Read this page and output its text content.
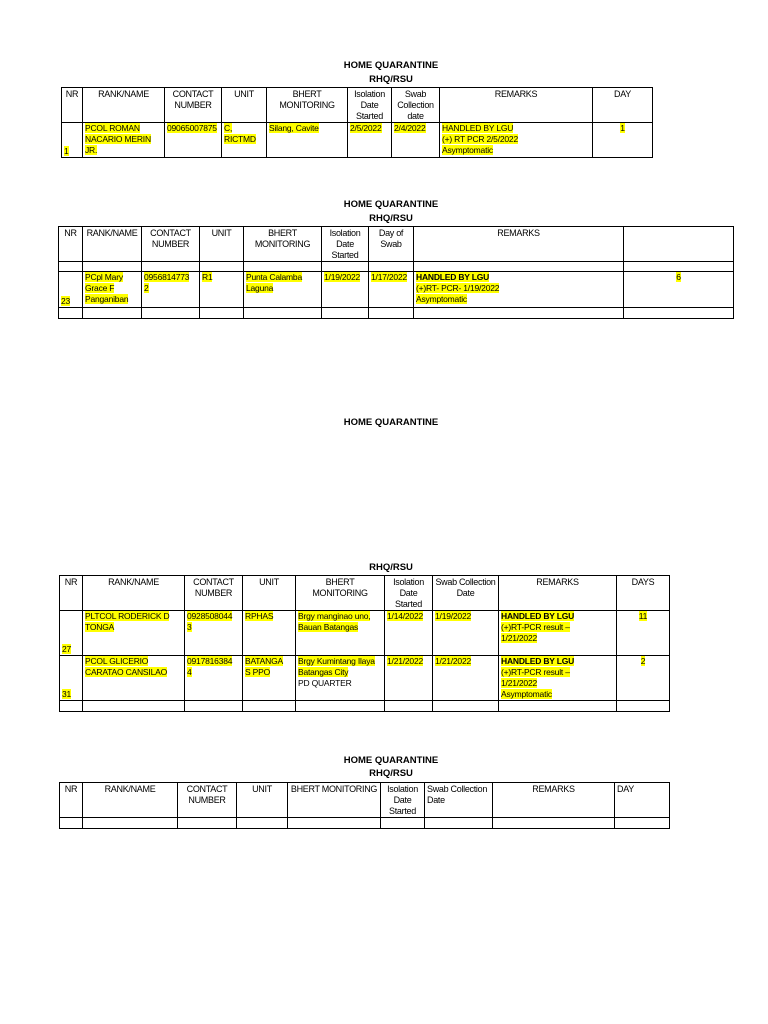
HOME QUARANTINE
RHQ/RSU
HOME QUARANTINE
RHQ/RSU
HOME QUARANTINE
RHQ/RSU
HOME QUARANTINE
RHQ/RSU
NR	RANK/NAME	CONTACT NUMBER	UNIT	BHERT MONITORING	Isolation Date Started	Swab Collection date	REMARKS	DAY
1	PCOL ROMAN
NACARIO MERIN
JR.	09065007875	C,
RICTMD	Silang, Cavite	2/5/2022	2/4/2022	HANDLED BY LGU
(+) RT PCR 2/5/2022
Asymptomatic	1
NR	RANK/NAME	CONTACT NUMBER	UNIT	BHERT MONITORING	Isolation Date Started	Day of Swab	REMARKS	

23	PCpl Mary
Grace F
Panganiban	09568147732	R1	Punta Calamba
Laguna	1/19/2022	1/17/2022	HANDLED BY LGU
(+)RT- PCR- 1/19/2022
Asymptomatic	6

NR	RANK/NAME	CONTACT NUMBER	UNIT	BHERT MONITORING	Isolation Date Started	Swab Collection Date	REMARKS	DAYS
27	PLTCOL RODERICK D
TONGA	09285080443	RPHAS	Brgy manginao uno,
Bauan Batangas	1/14/2022	1/19/2022	HANDLED BY LGU
(+)RT-PCR result –
1/21/2022	11
31	PCOL GLICERIO
CARATAO CANSILAO	09178163844	BATANGAS PPO	Brgy Kumintang Ilaya
Batangas City
PD QUARTER	1/21/2022	1/21/2022	HANDLED BY LGU
(+)RT-PCR result –
1/21/2022
Asymptomatic	2

NR	RANK/NAME	CONTACT NUMBER	UNIT	BHERT MONITORING	Isolation Date Started	Swab Collection Date	REMARKS	DAY
